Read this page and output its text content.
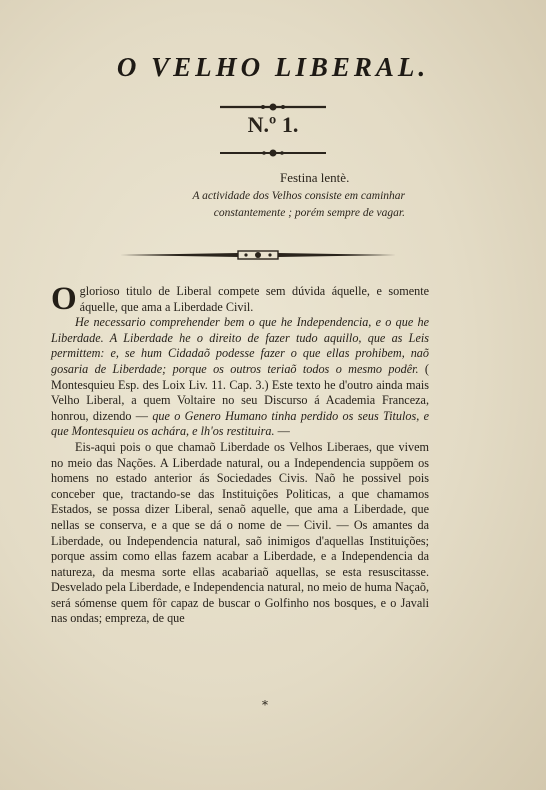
O VELHO LIBERAL.
N.º 1.
Festina lentè.
A actividade dos Velhos consiste em caminhar
constantemente ; porém sempre de vagar.

Oglorioso titulo de Liberal compete sem dúvida áquelle, e somente áquelle, que ama a Liberdade Civil.

He necessario comprehender bem o que he Independencia, e o que he Liberdade. A Liberdade he o direito de fazer tudo aquillo, que as Leis permittem: e, se hum Cidadaõ podesse fazer o que ellas prohibem, naõ gosaria de Liberdade; porque os outros teriaõ todos o mesmo podêr. ( Montesquieu Esp. des Loix Liv. 11. Cap. 3.) Este texto he d'outro ainda mais Velho Liberal, a quem Voltaire no seu Discurso á Academia Franceza, honrou, dizendo — que o Genero Humano tinha perdido os seus Titulos, e que Montesquieu os achára, e lh'os restituira. —

Eis-aqui pois o que chamaõ Liberdade os Velhos Liberaes, que vivem no meio das Nações. A Liberdade natural, ou a Independencia suppõem os homens no estado anterior ás Sociedades Civis. Naõ he possivel pois conceber que, tractando-se das Instituições Politicas, a que chamamos Estados, se possa dizer Liberal, senaõ aquelle, que ama a Liberdade, que nellas se conserva, e a que se dá o nome de — Civil. — Os amantes da Liberdade, ou Independencia natural, saõ inimigos d'aquellas Instituições; porque assim como ellas fazem acabar a Liberdade, e a Independencia da natureza, da mesma sorte ellas acabariaõ aquellas, se esta resuscitasse. Desvelado pela Liberdade, e Independencia natural, no meio de huma Naçaõ, será sómense quem fôr capaz de buscar o Golfinho nos bosques, e o Javali nas ondas; empreza, de que

*
